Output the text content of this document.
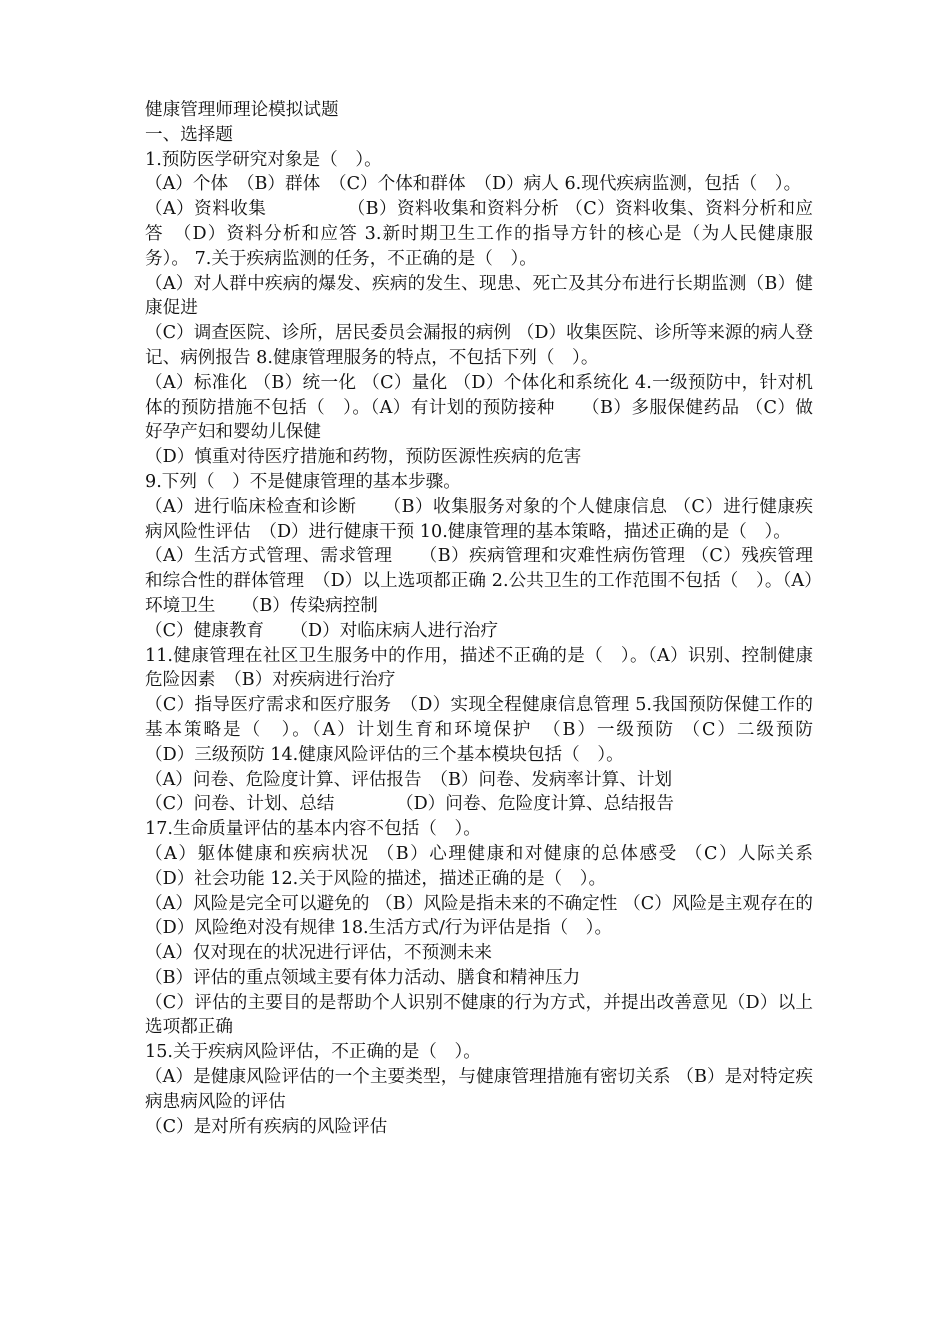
健康管理师理论模拟试题

一、选择题

1.预防医学研究对象是（　）。

（A）个体　（B）群体　（C）个体和群体　（D）病人 6.现代疾病监测，包括（　）。

（A）资料收集　　　　　（B）资料收集和资料分析 （C）资料收集、资料分析和应答　（D）资料分析和应答 3.新时期卫生工作的指导方针的核心是（为人民健康服务）。 7.关于疾病监测的任务，不正确的是（　）。

（A）对人群中疾病的爆发、疾病的发生、现患、死亡及其分布进行长期监测（B）健康促进

（C）调查医院、诊所，居民委员会漏报的病例 （D）收集医院、诊所等来源的病人登记、病例报告 8.健康管理服务的特点，不包括下列（　）。

（A）标准化 （B）统一化 （C）量化 （D）个体化和系统化 4.一级预防中，针对机体的预防措施不包括（　）。（A）有计划的预防接种　　（B）多服保健药品 （C）做好孕产妇和婴幼儿保健

（D）慎重对待医疗措施和药物，预防医源性疾病的危害

9.下列（　）不是健康管理的基本步骤。

（A）进行临床检查和诊断　　（B）收集服务对象的个人健康信息 （C）进行健康疾病风险性评估　（D）进行健康干预 10.健康管理的基本策略，描述正确的是（　）。

（A）生活方式管理、需求管理　　（B）疾病管理和灾难性病伤管理 （C）残疾管理和综合性的群体管理　（D）以上选项都正确 2.公共卫生的工作范围不包括（　）。（A）环境卫生　　（B）传染病控制

（C）健康教育　　（D）对临床病人进行治疗

11.健康管理在社区卫生服务中的作用，描述不正确的是（　）。（A）识别、控制健康危险因素　（B）对疾病进行治疗

（C）指导医疗需求和医疗服务　（D）实现全程健康信息管理 5.我国预防保健工作的基本策略是（　）。（A）计划生育和环境保护　（B）一级预防 （C）二级预防　　　（D）三级预防 14.健康风险评估的三个基本模块包括（　）。

（A）问卷、危险度计算、评估报告　（B）问卷、发病率计算、计划

（C）问卷、计划、总结　　　　（D）问卷、危险度计算、总结报告

17.生命质量评估的基本内容不包括（　）。

（A）躯体健康和疾病状况 （B）心理健康和对健康的总体感受 （C）人际关系　　（D）社会功能 12.关于风险的描述，描述正确的是（　）。

（A）风险是完全可以避免的 （B）风险是指未来的不确定性 （C）风险是主观存在的　（D）风险绝对没有规律 18.生活方式/行为评估是指（　）。

（A）仅对现在的状况进行评估，不预测未来

（B）评估的重点领域主要有体力活动、膳食和精神压力

（C）评估的主要目的是帮助个人识别不健康的行为方式，并提出改善意见（D）以上选项都正确

15.关于疾病风险评估，不正确的是（　）。

（A）是健康风险评估的一个主要类型，与健康管理措施有密切关系 （B）是对特定疾病患病风险的评估

（C）是对所有疾病的风险评估
